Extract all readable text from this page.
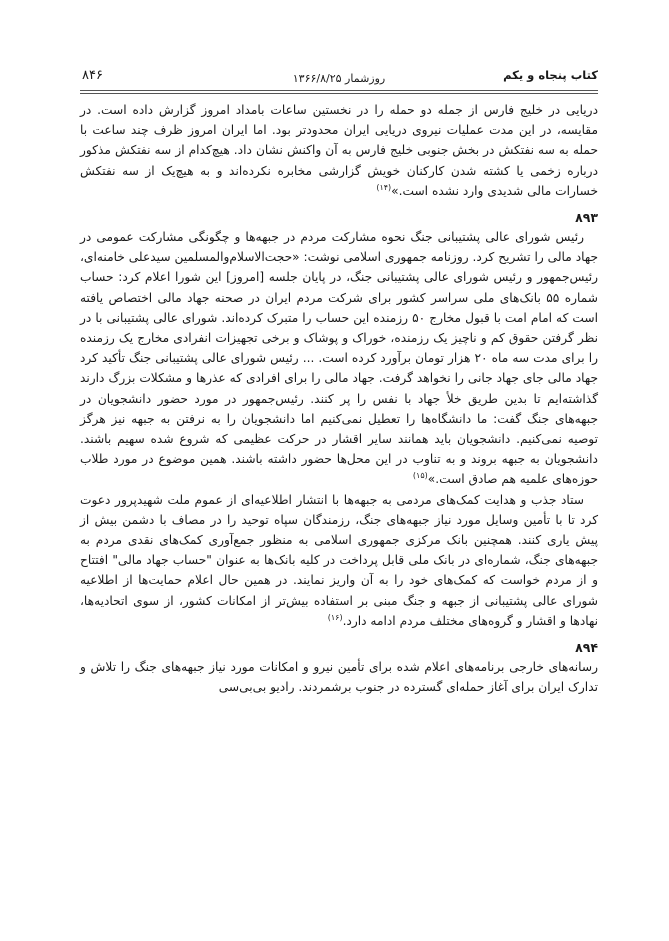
کتاب پنجاه و یکم
روزشمار ۱۳۶۶/۸/۲۵
۸۴۶

دریایی در خلیج فارس از جمله دو حمله را در نخستین ساعات بامداد امروز گزارش داده است. در مقایسه، در این مدت عملیات نیروی دریایی ایران محدودتر بود. اما ایران امروز ظرف چند ساعت با حمله به سه نفتکش در بخش جنوبی خلیج فارس به آن واکنش نشان داد. هیچ‌کدام از سه نفتکش مذکور درباره زخمی یا کشته شدن کارکنان خویش گزارشی مخابره نکرده‌اند و به هیچ‌یک از سه نفتکش خسارات مالی شدیدی وارد نشده است.»$^{(۱۴)}$

۸۹۳

رئیس شورای عالی پشتیبانی جنگ نحوه مشارکت مردم در جبهه‌ها و چگونگی مشارکت عمومی در جهاد مالی را تشریح کرد. روزنامه جمهوری اسلامی نوشت: «حجت‌الاسلام‌والمسلمین سیدعلی خامنه‌ای، رئیس‌جمهور و رئیس شورای عالی پشتیبانی جنگ، در پایان جلسه [امروز] این شورا اعلام کرد: حساب شماره ۵۵ بانک‌های ملی سراسر کشور برای شرکت مردم ایران در صحنه جهاد مالی اختصاص یافته است که امام امت با قبول مخارج ۵۰ رزمنده این حساب را متبرک کرده‌اند. شورای عالی پشتیبانی با در نظر گرفتن حقوق کم و ناچیز یک رزمنده، خوراک و پوشاک و برخی تجهیزات انفرادی مخارج یک رزمنده را برای مدت سه ماه ۲۰ هزار تومان برآورد کرده است. ... رئیس شورای عالی پشتیبانی جنگ تأکید کرد جهاد مالی جای جهاد جانی را نخواهد گرفت. جهاد مالی را برای افرادی که عذرها و مشکلات بزرگ دارند گذاشته‌ایم تا بدین طریق خلأ جهاد با نفس را پر کنند. رئیس‌جمهور در مورد حضور دانشجویان در جبهه‌های جنگ گفت: ما دانشگاه‌ها را تعطیل نمی‌کنیم اما دانشجویان را به نرفتن به جبهه نیز هرگز توصیه نمی‌کنیم. دانشجویان باید همانند سایر اقشار در حرکت عظیمی که شروع شده سهیم باشند. دانشجویان به جبهه بروند و به تناوب در این محل‌ها حضور داشته باشند. همین موضوع در مورد طلاب حوزه‌های علمیه هم صادق است.»$^{(۱۵)}$

ستاد جذب و هدایت کمک‌های مردمی به جبهه‌ها با انتشار اطلاعیه‌ای از عموم ملت شهیدپرور دعوت کرد تا با تأمین وسایل مورد نیاز جبهه‌های جنگ، رزمندگان سپاه توحید را در مصاف با دشمن بیش از پیش یاری کنند. همچنین بانک مرکزی جمهوری اسلامی به منظور جمع‌آوری کمک‌های نقدی مردم به جبهه‌های جنگ، شماره‌ای در بانک ملی قابل پرداخت در کلیه بانک‌ها به عنوان "حساب جهاد مالی" افتتاح و از مردم خواست که کمک‌های خود را به آن واریز نمایند. در همین حال اعلام حمایت‌ها از اطلاعیه شورای عالی پشتیبانی از جبهه و جنگ مبنی بر استفاده بیش‌تر از امکانات کشور، از سوی اتحادیه‌ها، نهادها و اقشار و گروه‌های مختلف مردم ادامه دارد.$^{(۱۶)}$

۸۹۴

رسانه‌های خارجی برنامه‌های اعلام شده برای تأمین نیرو و امکانات مورد نیاز جبهه‌های جنگ را تلاش و تدارک ایران برای آغاز حمله‌ای گسترده در جنوب برشمردند. رادیو بی‌بی‌سی
